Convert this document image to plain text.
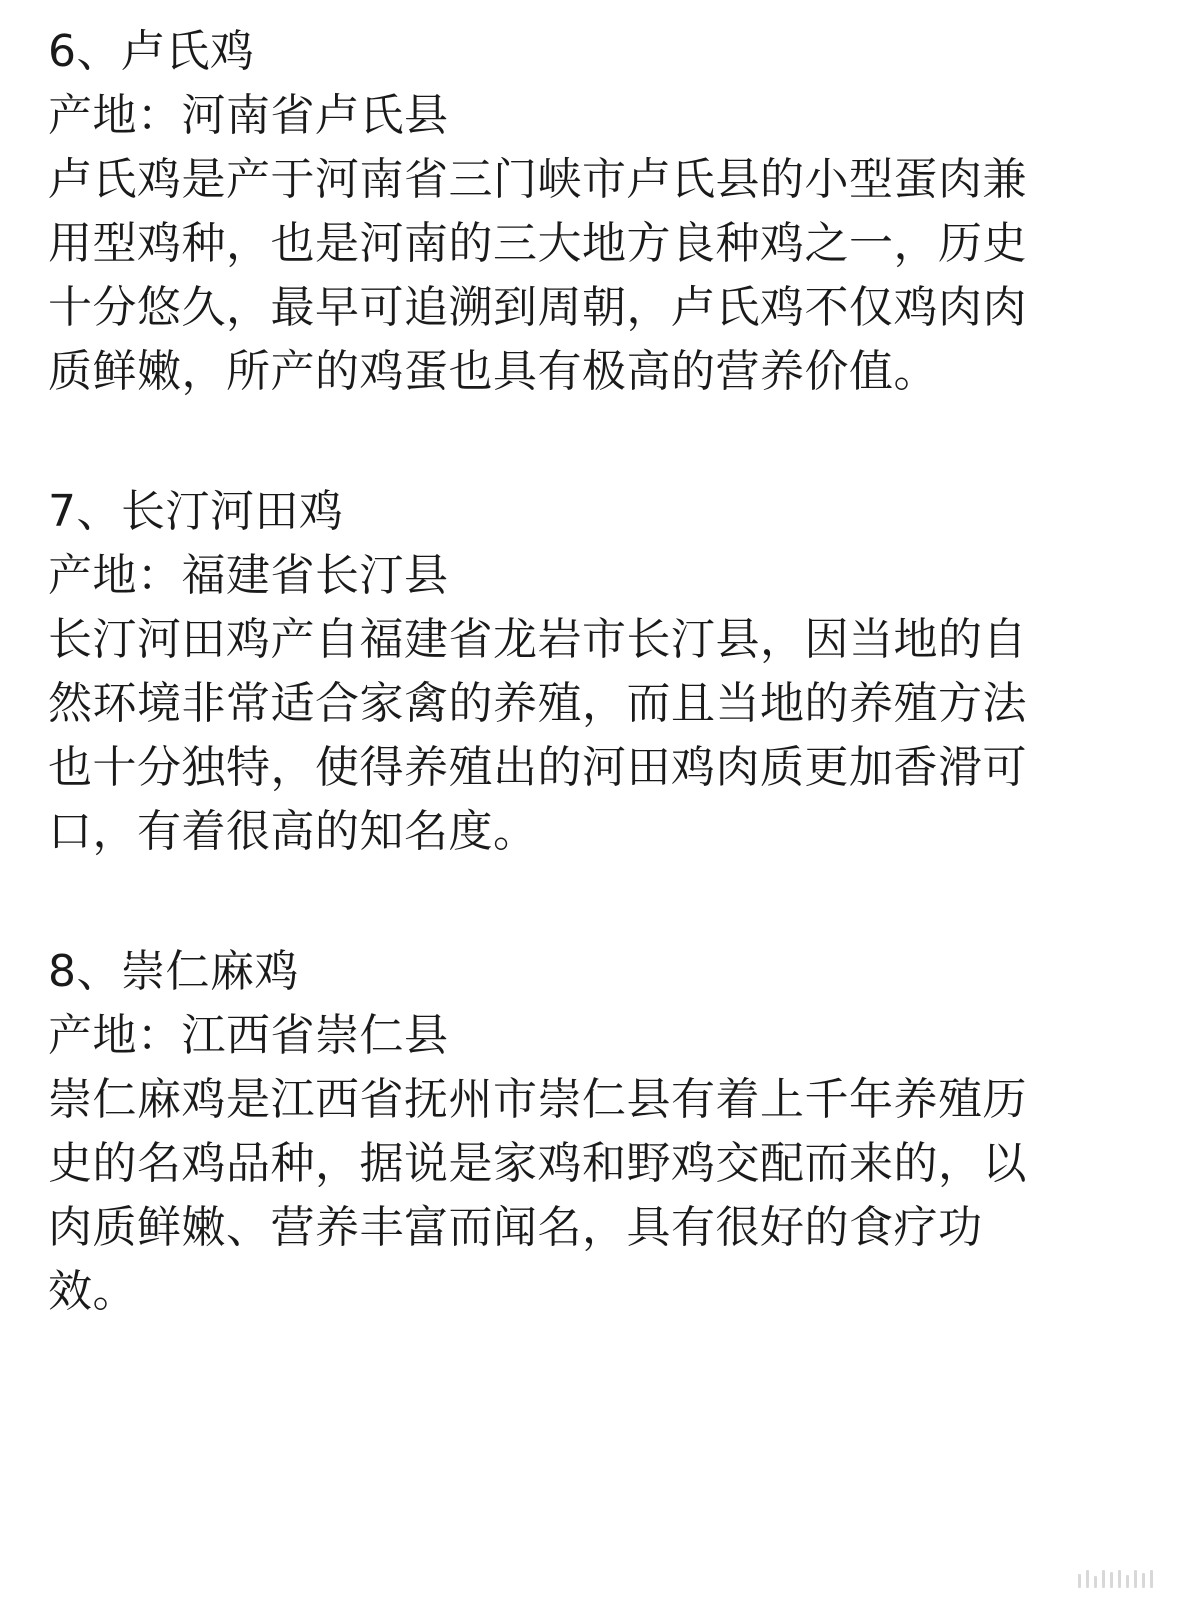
6、卢氏鸡
产地：河南省卢氏县
卢氏鸡是产于河南省三门峡市卢氏县的小型蛋肉兼
用型鸡种，也是河南的三大地方良种鸡之一，历史
十分悠久，最早可追溯到周朝，卢氏鸡不仅鸡肉肉
质鲜嫩，所产的鸡蛋也具有极高的营养价值。
7、长汀河田鸡
产地：福建省长汀县
长汀河田鸡产自福建省龙岩市长汀县，因当地的自
然环境非常适合家禽的养殖，而且当地的养殖方法
也十分独特，使得养殖出的河田鸡肉质更加香滑可
口，有着很高的知名度。
8、崇仁麻鸡
产地：江西省崇仁县
崇仁麻鸡是江西省抚州市崇仁县有着上千年养殖历
史的名鸡品种，据说是家鸡和野鸡交配而来的，以
肉质鲜嫩、营养丰富而闻名，具有很好的食疗功
效。
